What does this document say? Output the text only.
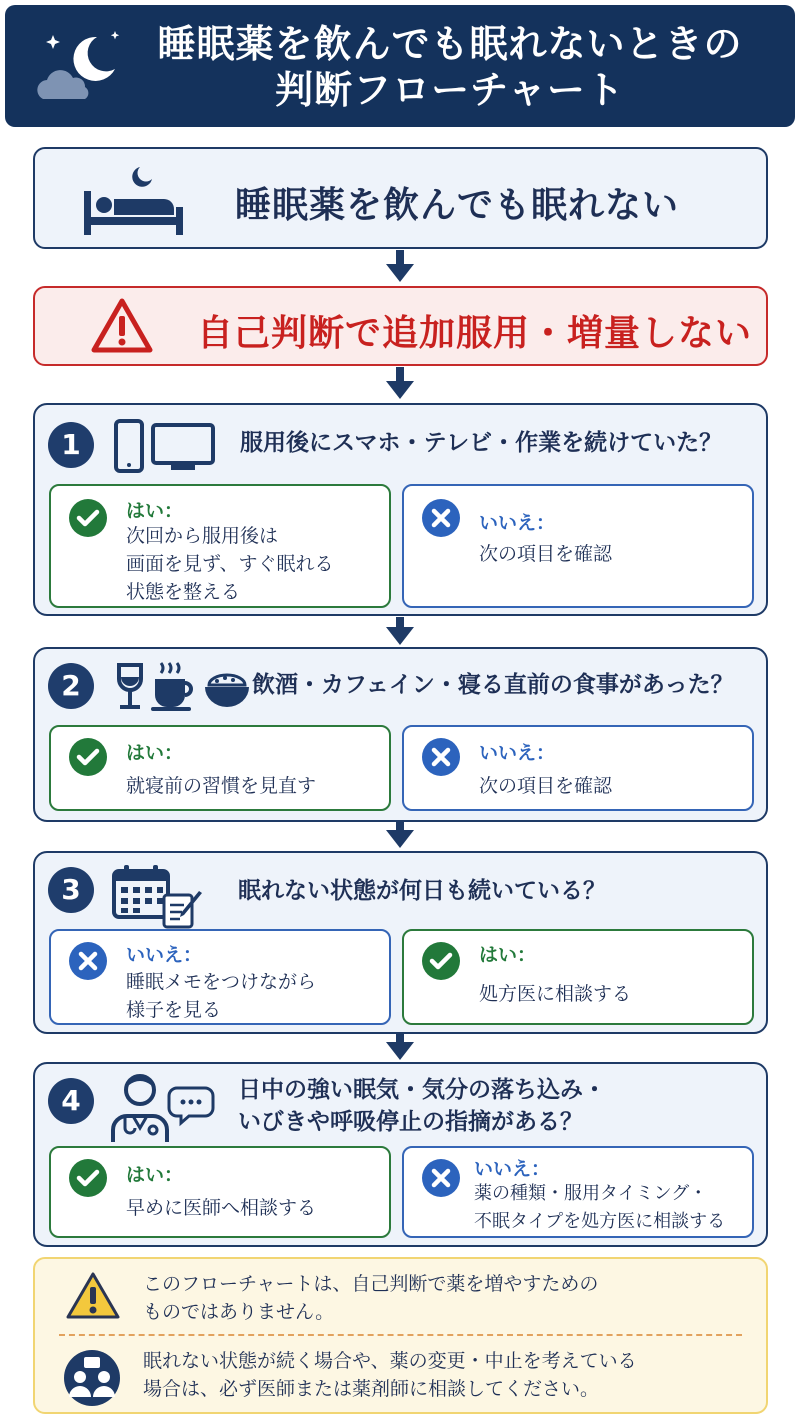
睡眠薬を飲んでも眠れないときの
判断フローチャート
睡眠薬を飲んでも眠れない
自己判断で追加服用・増量しない
1	服用後にスマホ・テレビ・作業を続けていた？
はい：
次回から服用後は
画面を見ず、すぐ眠れる
状態を整える
いいえ：
次の項目を確認
2	飲酒・カフェイン・寝る直前の食事があった？
はい：
就寝前の習慣を見直す
いいえ：
次の項目を確認
3	眠れない状態が何日も続いている？
いいえ：
睡眠メモをつけながら
様子を見る
はい：
処方医に相談する
4	日中の強い眠気・気分の落ち込み・
いびきや呼吸停止の指摘がある？
はい：
早めに医師へ相談する
いいえ：
薬の種類・服用タイミング・
不眠タイプを処方医に相談する
このフローチャートは、自己判断で薬を増やすための
ものではありません。
眠れない状態が続く場合や、薬の変更・中止を考えている
場合は、必ず医師または薬剤師に相談してください。
